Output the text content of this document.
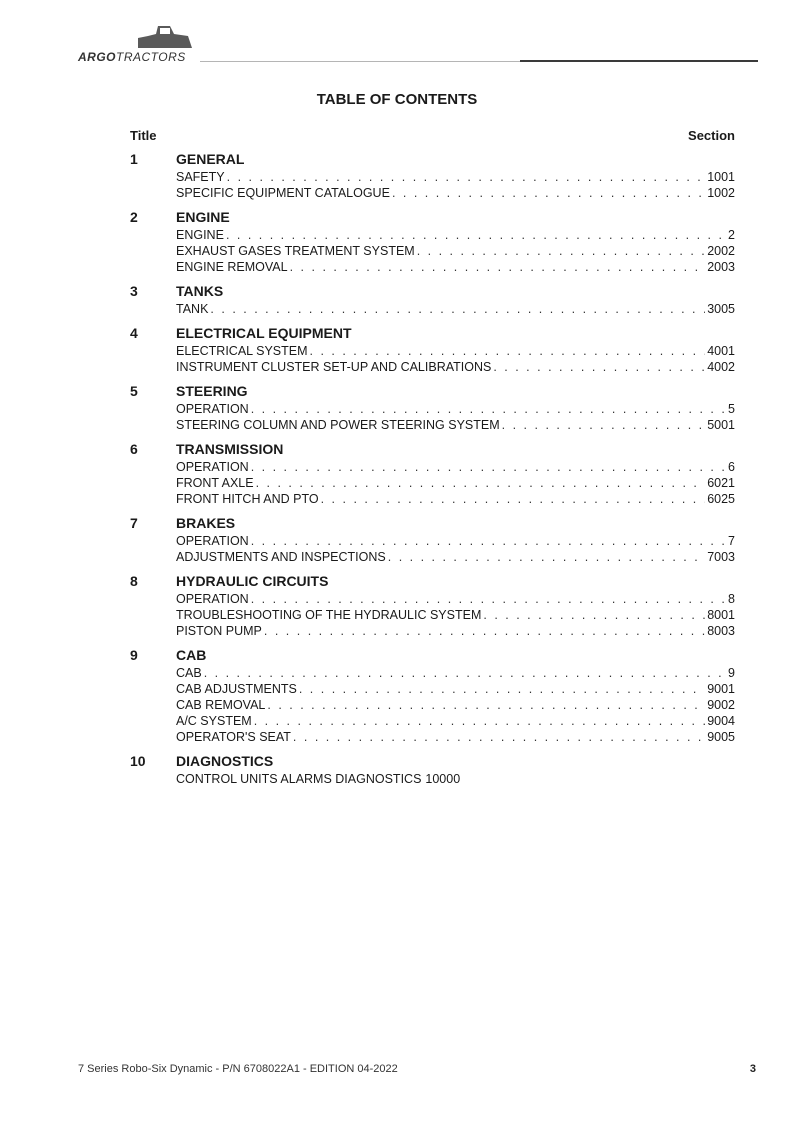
ARGOTRACTORS
TABLE OF CONTENTS
Title	Section
1	GENERAL
SAFETY . . .	1001
SPECIFIC EQUIPMENT CATALOGUE . . .	1002
2	ENGINE
ENGINE . . .	2
EXHAUST GASES TREATMENT SYSTEM . . .	2002
ENGINE REMOVAL . . .	2003
3	TANKS
TANK . . .	3005
4	ELECTRICAL EQUIPMENT
ELECTRICAL SYSTEM . . .	4001
INSTRUMENT CLUSTER SET-UP AND CALIBRATIONS . . .	4002
5	STEERING
OPERATION . . .	5
STEERING COLUMN AND POWER STEERING SYSTEM . . .	5001
6	TRANSMISSION
OPERATION . . .	6
FRONT AXLE . . .	6021
FRONT HITCH AND PTO . . .	6025
7	BRAKES
OPERATION . . .	7
ADJUSTMENTS AND INSPECTIONS . . .	7003
8	HYDRAULIC CIRCUITS
OPERATION . . .	8
TROUBLESHOOTING OF THE HYDRAULIC SYSTEM . . .	8001
PISTON PUMP . . .	8003
9	CAB
CAB . . .	9
CAB ADJUSTMENTS . . .	9001
CAB REMOVAL . . .	9002
A/C SYSTEM . . .	9004
OPERATOR'S SEAT . . .	9005
10	DIAGNOSTICS
CONTROL UNITS ALARMS DIAGNOSTICS 10000
7 Series Robo-Six Dynamic - P/N 6708022A1 - EDITION 04-2022	3
